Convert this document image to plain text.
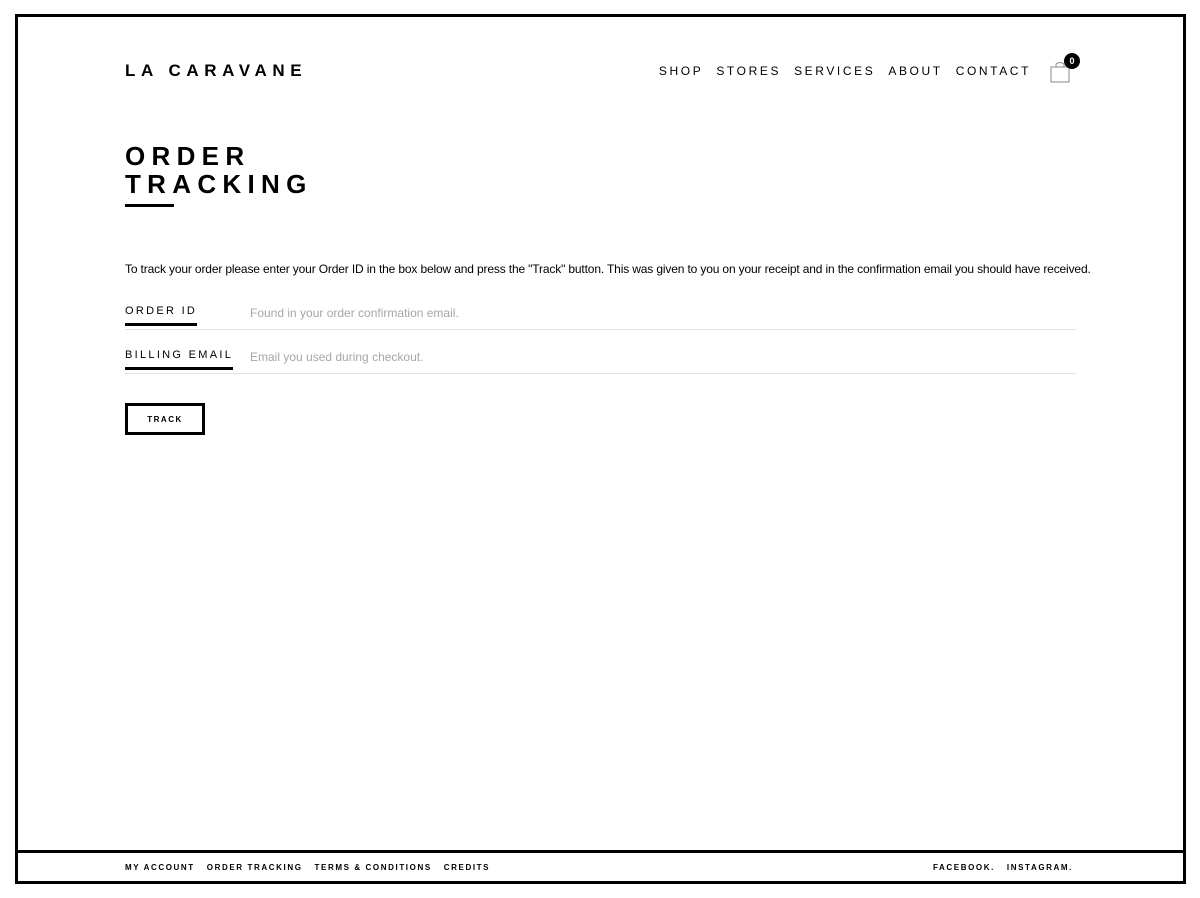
LA CARAVANE	SHOP STORES SERVICES ABOUT CONTACT
0
ORDER
TRACKING

To track your order please enter your Order ID in the box below and press the "Track" button. This was given to you on your receipt and in the confirmation email you should have received.

ORDER ID
Found in your order confirmation email.
BILLING EMAIL
Email you used during checkout.
TRACK
MY ACCOUNT ORDER TRACKING TERMS & CONDITIONS CREDITS	FACEBOOK. INSTAGRAM.
